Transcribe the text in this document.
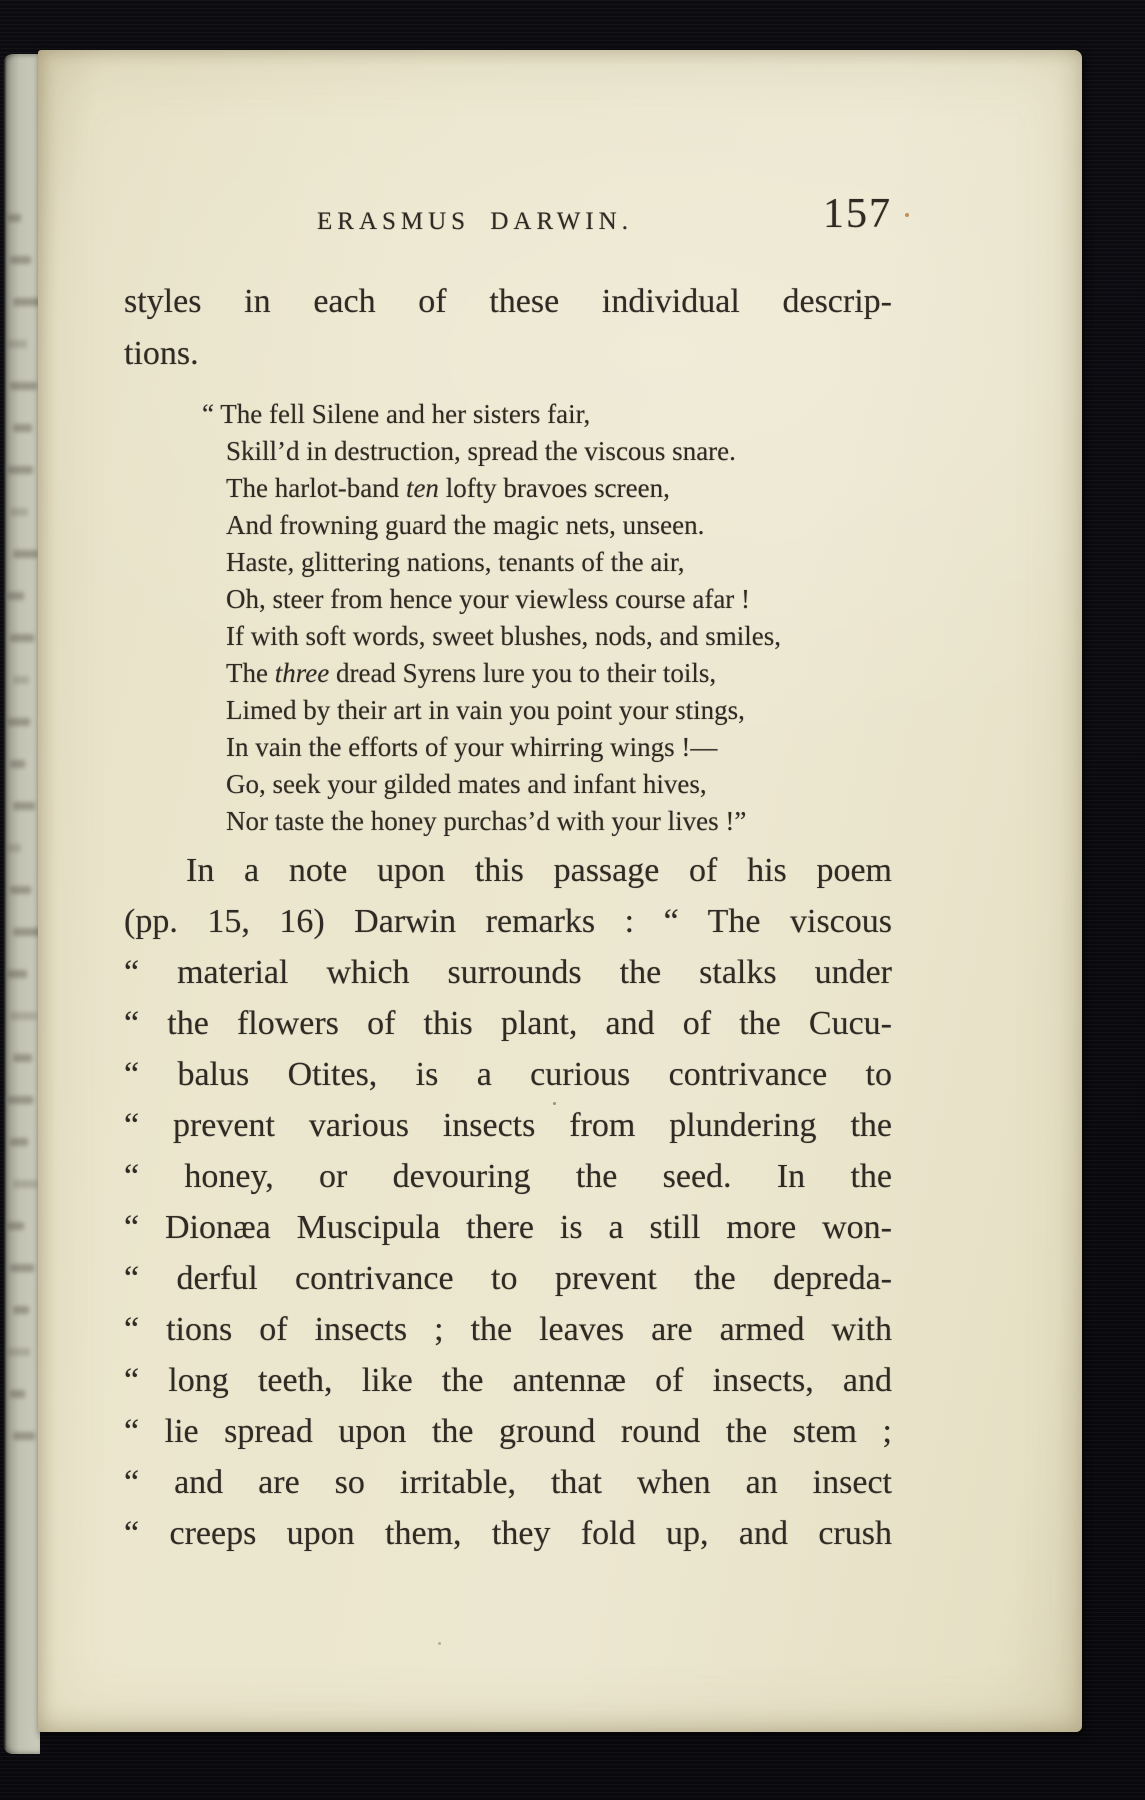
ERASMUS DARWIN.	157
styles in each of these individual descrip-
tions.
“ The fell Silene and her sisters fair,
Skill’d in destruction, spread the viscous snare.
The harlot-band ten lofty bravoes screen,
And frowning guard the magic nets, unseen.
Haste, glittering nations, tenants of the air,
Oh, steer from hence your viewless course afar !
If with soft words, sweet blushes, nods, and smiles,
The three dread Syrens lure you to their toils,
Limed by their art in vain you point your stings,
In vain the efforts of your whirring wings !—
Go, seek your gilded mates and infant hives,
Nor taste the honey purchas’d with your lives !”
In a note upon this passage of his poem
(pp. 15, 16) Darwin remarks : “ The viscous
“ material which surrounds the stalks under
“ the flowers of this plant, and of the Cucu-
“ balus Otites, is a curious contrivance to
“ prevent various insects from plundering the
“ honey, or devouring the seed. In the
“ Dionæa Muscipula there is a still more won-
“ derful contrivance to prevent the depreda-
“ tions of insects ; the leaves are armed with
“ long teeth, like the antennæ of insects, and
“ lie spread upon the ground round the stem ;
“ and are so irritable, that when an insect
“ creeps upon them, they fold up, and crush
